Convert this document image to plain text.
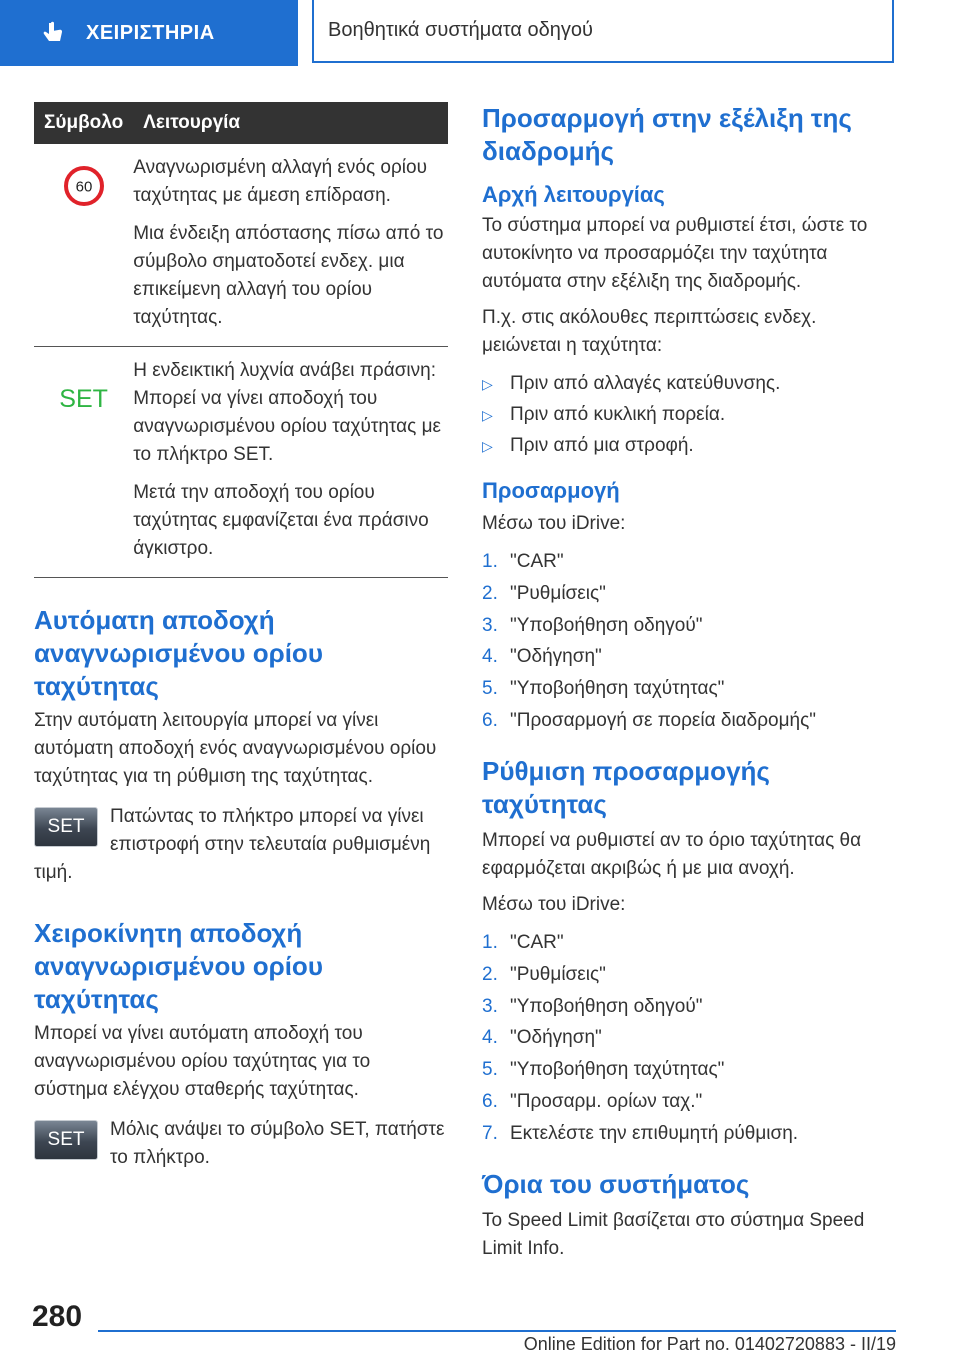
ΧΕΙΡΙΣΤΗΡΙΑ	Βοηθητικά συστήματα οδηγού
Σύμβολο	Λειτουργία

60	Αναγνωρισμένη αλλαγή ενός ορίου ταχύτητας με άμεση επίδραση.

Μια ένδειξη απόστασης πίσω από το σύμβολο σηματοδοτεί ενδεχ. μια επικείμενη αλλαγή του ορίου ταχύτητας.

SET	Η ενδεικτική λυχνία ανάβει πράσινη: Μπορεί να γίνει αποδοχή του αναγνωρισμένου ορίου ταχύτητας με το πλήκτρο SET.

Μετά την αποδοχή του ορίου ταχύτητας εμφανίζεται ένα πράσινο άγκιστρο.

Αυτόματη αποδοχή αναγνωρισμένου ορίου ταχύτητας

Στην αυτόματη λειτουργία μπορεί να γίνει αυτόματη αποδοχή ενός αναγνωρισμένου ορίου ταχύτητας για τη ρύθμιση της ταχύτητας.

SET	Πατώντας το πλήκτρο μπορεί να γίνει επιστροφή στην τελευταία ρυθμισμένη τιμή.
Χειροκίνητη αποδοχή αναγνωρισμένου ορίου ταχύτητας

Μπορεί να γίνει αυτόματη αποδοχή του αναγνωρισμένου ορίου ταχύτητας για το σύστημα ελέγχου σταθερής ταχύτητας.

SET	Μόλις ανάψει το σύμβολο SET, πατήστε το πλήκτρο.
Προσαρμογή στην εξέλιξη της διαδρομής
Αρχή λειτουργίας

Το σύστημα μπορεί να ρυθμιστεί έτσι, ώστε το αυτοκίνητο να προσαρμόζει την ταχύτητα αυτόματα στην εξέλιξη της διαδρομής.

Π.χ. στις ακόλουθες περιπτώσεις ενδεχ. μειώνεται η ταχύτητα:

▷ Πριν από αλλαγές κατεύθυνσης.
▷ Πριν από κυκλική πορεία.
▷ Πριν από μια στροφή.
Προσαρμογή

Μέσω του iDrive:

1. "CAR"
2. "Ρυθμίσεις"
3. "Υποβοήθηση οδηγού"
4. "Οδήγηση"
5. "Υποβοήθηση ταχύτητας"
6. "Προσαρμογή σε πορεία διαδρομής"
Ρύθμιση προσαρμογής ταχύτητας

Μπορεί να ρυθμιστεί αν το όριο ταχύτητας θα εφαρμόζεται ακριβώς ή με μια ανοχή.

Μέσω του iDrive:

1. "CAR"
2. "Ρυθμίσεις"
3. "Υποβοήθηση οδηγού"
4. "Οδήγηση"
5. "Υποβοήθηση ταχύτητας"
6. "Προσαρμ. ορίων ταχ."
7. Εκτελέστε την επιθυμητή ρύθμιση.
Όρια του συστήματος

Το Speed Limit βασίζεται στο σύστημα Speed Limit Info.

280
Online Edition for Part no. 01402720883 - II/19
